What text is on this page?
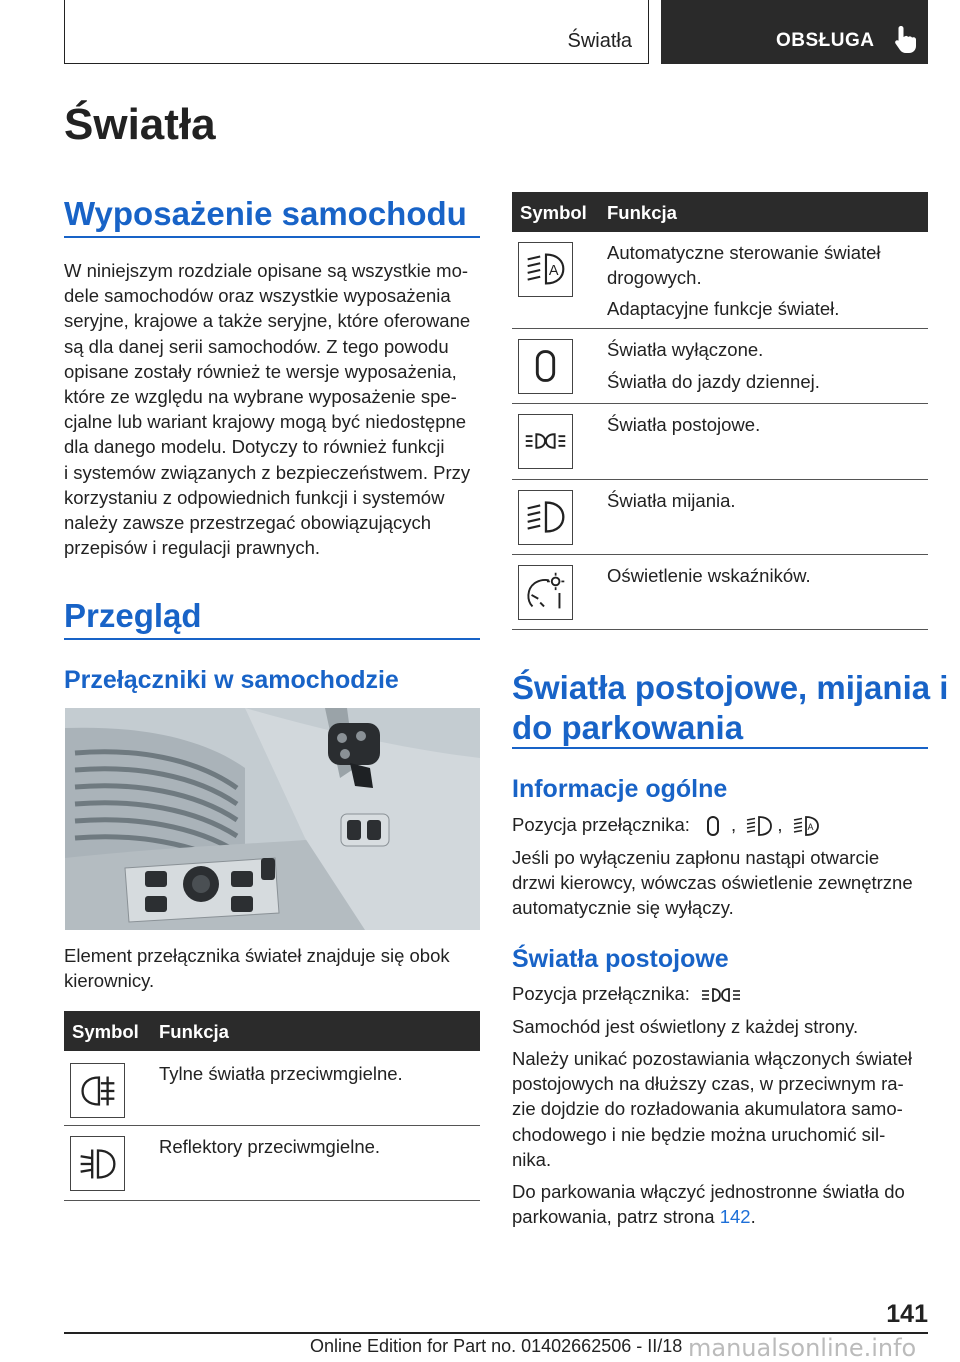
Światła	OBSŁUGA
Światła
Wyposażenie samochodu
W niniejszym rozdziale opisane są wszystkie mo-
dele samochodów oraz wszystkie wyposażenia
seryjne, krajowe a także seryjne, które oferowane
są dla danej serii samochodów. Z tego powodu
opisane zostały również te wersje wyposażenia,
które ze względu na wybrane wyposażenie spe-
cjalne lub wariant krajowy mogą być niedostępne
dla danego modelu. Dotyczy to również funkcji
i systemów związanych z bezpieczeństwem. Przy
korzystaniu z odpowiednich funkcji i systemów
należy zawsze przestrzegać obowiązujących
przepisów i regulacji prawnych.
Przegląd
Przełączniki w samochodzie
Element przełącznika świateł znajduje się obok
kierownicy.
Symbol Funkcja

Tylne światła przeciwmgielne.

Reflektory przeciwmgielne.

Symbol Funkcja
A

Automatyczne sterowanie świateł
drogowych.

Adaptacyjne funkcje świateł.

Światła wyłączone.

Światła do jazdy dziennej.

Światła postojowe.

Światła mijania.

Oświetlenie wskaźników.

Światła postojowe, mijania i
do parkowania
Informacje ogólne
Pozycja przełącznika: ,
, A
Jeśli po wyłączeniu zapłonu nastąpi otwarcie
drzwi kierowcy, wówczas oświetlenie zewnętrzne
automatycznie się wyłączy.
Światła postojowe
Pozycja przełącznika:
Samochód jest oświetlony z każdej strony.
Należy unikać pozostawiania włączonych świateł
postojowych na dłuższy czas, w przeciwnym ra-
zie dojdzie do rozładowania akumulatora samo-
chodowego i nie będzie można uruchomić sil-
nika.
Do parkowania włączyć jednostronne światła do
parkowania, patrz strona 142.
141
Online Edition for Part no. 01402662506 - II/18 manualsonline.info
